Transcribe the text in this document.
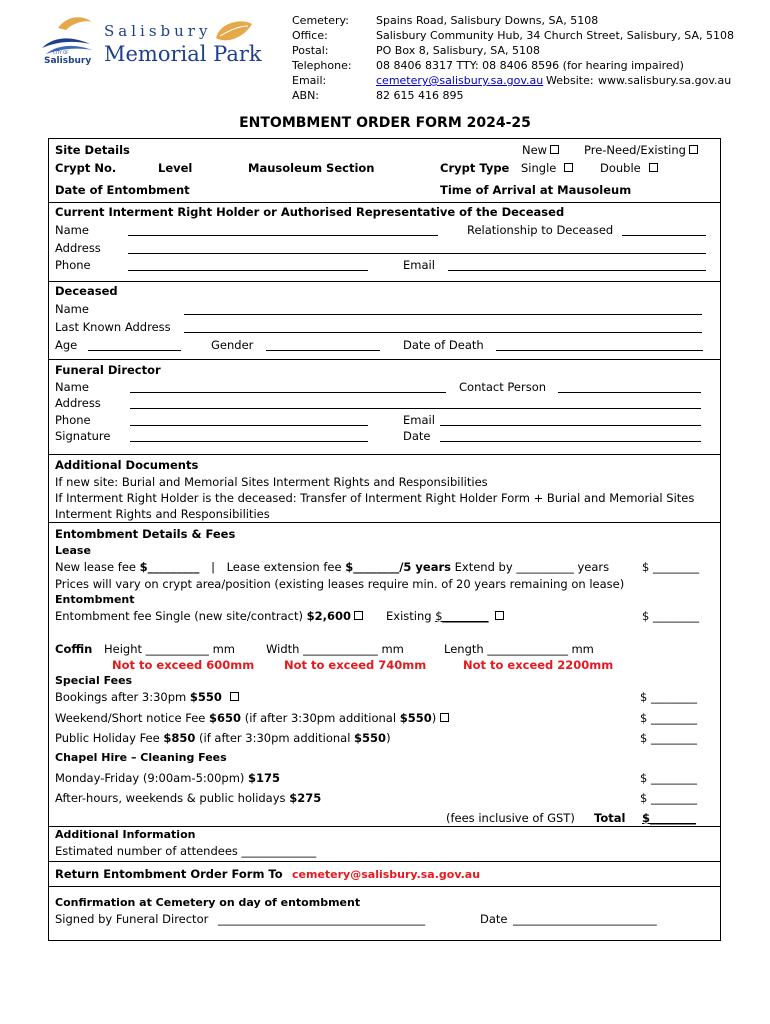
CITY OF
Salisbury
Salisbury
Memorial Park
Cemetery: Spains Road, Salisbury Downs, SA, 5108
Office:	Salisbury Community Hub, 34 Church Street, Salisbury, SA, 5108
Postal:	PO Box 8, Salisbury, SA, 5108
Telephone: 08 8406 8317 TTY: 08 8406 8596 (for hearing impaired)
Email:	cemetery@salisbury.sa.gov.au Website: www.salisbury.sa.gov.au
ABN:	82 615 416 895
ENTOMBMENT ORDER FORM 2024-25
Site Details	New	Pre-Need/Existing
Crypt No.	Level	Mausoleum Section	Crypt Type Single	Double
Date of Entombment	Time of Arrival at Mausoleum
Current Interment Right Holder or Authorised Representative of the Deceased
Name	Relationship to Deceased
Address
Phone	Email
Deceased
Name
Last Known Address
Age	Gender	Date of Death
Funeral Director
Name	Contact Person
Address
Phone	Email
Signature	Date
Additional Documents
If new site: Burial and Memorial Sites Interment Rights and Responsibilities
If Interment Right Holder is the deceased: Transfer of Interment Right Holder Form + Burial and Memorial Sites
Interment Rights and Responsibilities
Entombment Details & Fees
Lease
New lease fee $_________ | Lease extension fee $________/5 years Extend by __________ years	$ ________
Prices will vary on crypt area/position (existing leases require min. of 20 years remaining on lease)
Entombment
Entombment fee Single (new site/contract) $2,600	Existing $________	$ ________
Coffin Height ___________ mm	Width _____________ mm	Length ______________ mm
Not to exceed 600mm	Not to exceed 740mm	Not to exceed 2200mm
Special Fees
Bookings after 3:30pm $550	$ ________
Weekend/Short notice Fee $650 (if after 3:30pm additional $550)	$ ________
Public Holiday Fee $850 (if after 3:30pm additional $550)	$ ________
Chapel Hire – Cleaning Fees
Monday-Friday (9:00am-5:00pm) $175	$ ________
After-hours, weekends & public holidays $275	$ ________
(fees inclusive of GST) Total $________
Additional Information
Estimated number of attendees _____________
Return Entombment Order Form To cemetery@salisbury.sa.gov.au
Confirmation at Cemetery on day of entombment
Signed by Funeral Director ____________________________________	Date _________________________
